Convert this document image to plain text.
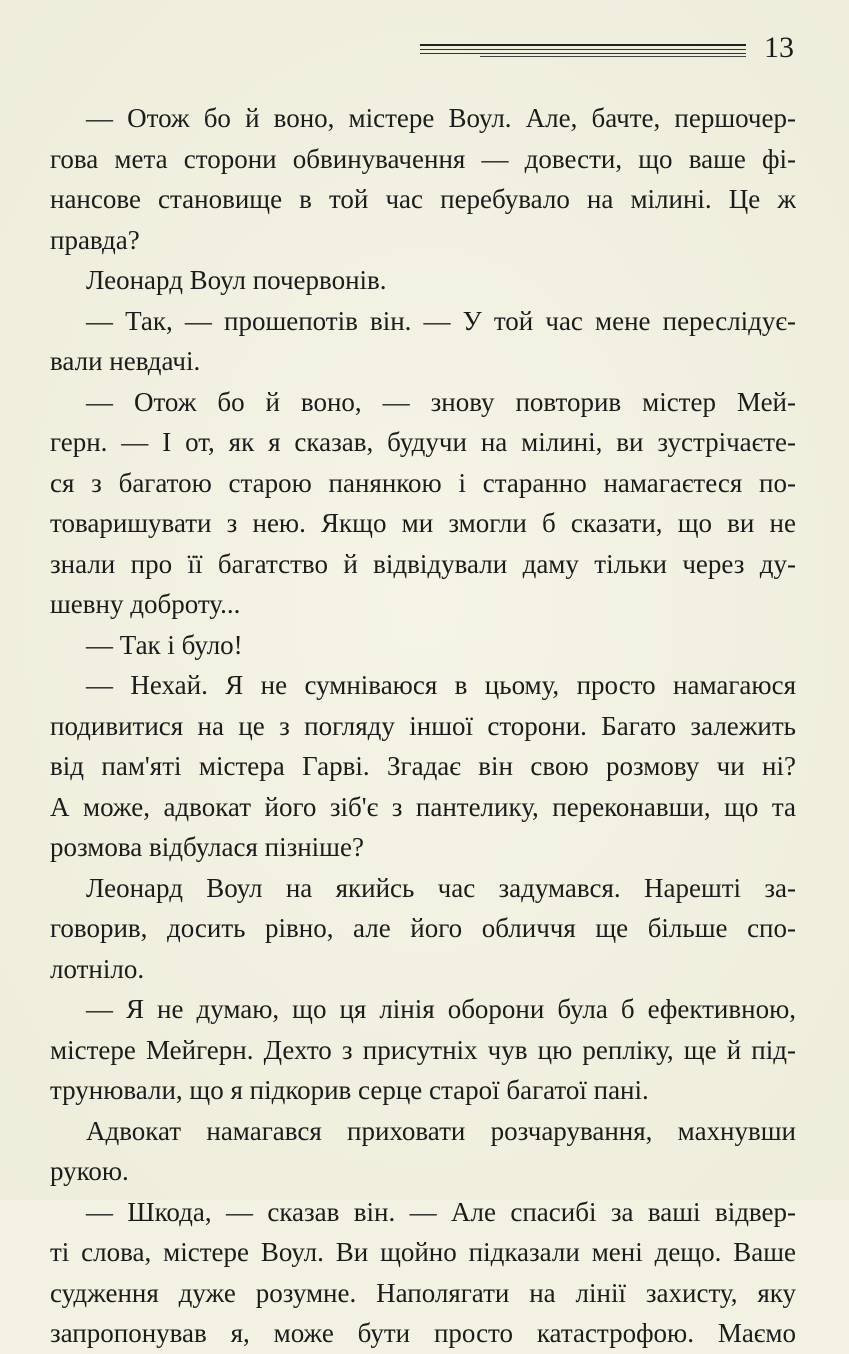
13
— Отож бо й воно, містере Воул. Але, бачте, першочер-
гова мета сторони обвинувачення — довести, що ваше фі-
нансове становище в той час перебувало на мілині. Це ж
правда?
Леонард Воул почервонів.
— Так, — прошепотів він. — У той час мене переслідує-
вали невдачі.
— Отож бо й воно, — знову повторив містер Мей-
герн. — І от, як я сказав, будучи на мілині, ви зустрічаєте-
ся з багатою старою панянкою і старанно намагаєтеся по-
товаришувати з нею. Якщо ми змогли б сказати, що ви не
знали про її багатство й відвідували даму тільки через ду-
шевну доброту...
— Так і було!
— Нехай. Я не сумніваюся в цьому, просто намагаюся
подивитися на це з погляду іншої сторони. Багато залежить
від пам'яті містера Гарві. Згадає він свою розмову чи ні?
А може, адвокат його зіб'є з пантелику, переконавши, що та
розмова відбулася пізніше?
Леонард Воул на якийсь час задумався. Нарешті за-
говорив, досить рівно, але його обличчя ще більше спо-
лотніло.
— Я не думаю, що ця лінія оборони була б ефективною,
містере Мейгерн. Дехто з присутніх чув цю репліку, ще й під-
трунювали, що я підкорив серце старої багатої пані.
Адвокат намагався приховати розчарування, махнувши
рукою.
— Шкода, — сказав він. — Але спасибі за ваші відвер-
ті слова, містере Воул. Ви щойно підказали мені дещо. Ваше
судження дуже розумне. Наполягати на лінії захисту, яку
запропонував я, може бути просто катастрофою. Маємо
